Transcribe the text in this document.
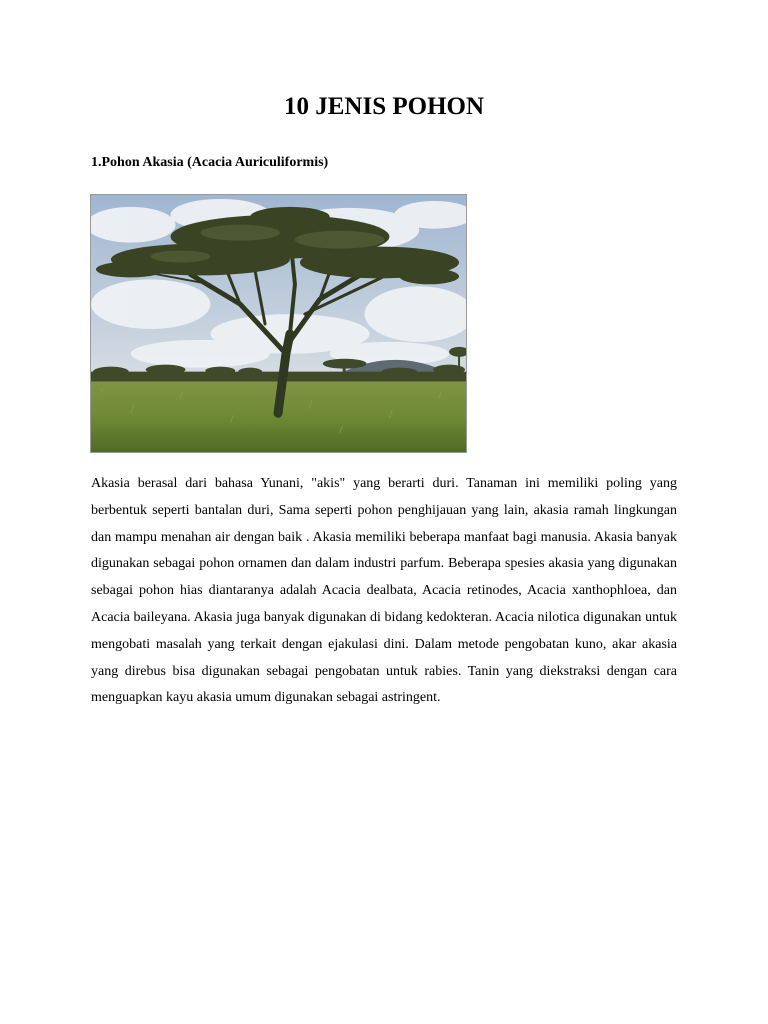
10 JENIS POHON

1.Pohon Akasia (Acacia Auriculiformis)

Akasia berasal dari bahasa Yunani, "akis" yang berarti duri. Tanaman ini memiliki poling yang berbentuk seperti bantalan duri, Sama seperti pohon penghijauan yang lain, akasia ramah lingkungan dan mampu menahan air dengan baik . Akasia memiliki beberapa manfaat bagi manusia. Akasia banyak digunakan sebagai pohon ornamen dan dalam industri parfum. Beberapa spesies akasia yang digunakan sebagai pohon hias diantaranya adalah Acacia dealbata, Acacia retinodes, Acacia xanthophloea, dan Acacia baileyana. Akasia juga banyak digunakan di bidang kedokteran. Acacia nilotica digunakan untuk mengobati masalah yang terkait dengan ejakulasi dini. Dalam metode pengobatan kuno, akar akasia yang direbus bisa digunakan sebagai pengobatan untuk rabies. Tanin yang diekstraksi dengan cara menguapkan kayu akasia umum digunakan sebagai astringent.
